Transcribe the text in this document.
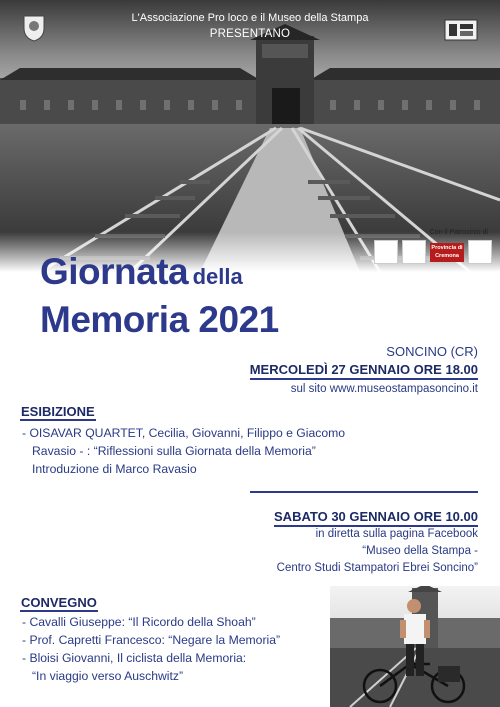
L'Associazione Pro loco e il Museo della Stampa
PRESENTANO
Con il Patrocinio di
Provincia di Cremona
Giornata della
Memoria 2021
SONCINO (CR)
MERCOLEDÌ 27 GENNAIO ORE 18.00
sul sito www.museostampasoncino.it
ESIBIZIONE
- OISAVAR QUARTET, Cecilia, Giovanni, Filippo e Giacomo
Ravasio - : “Riflessioni sulla Giornata della Memoria”
Introduzione di Marco Ravasio
SABATO 30 GENNAIO ORE 10.00
in diretta sulla pagina Facebook
“Museo della Stampa -
Centro Studi Stampatori Ebrei Soncino”
CONVEGNO
- Cavalli Giuseppe: “Il Ricordo della Shoah”
- Prof. Capretti Francesco: “Negare la Memoria”
- Bloisi Giovanni, Il ciclista della Memoria:
“In viaggio verso Auschwitz”
